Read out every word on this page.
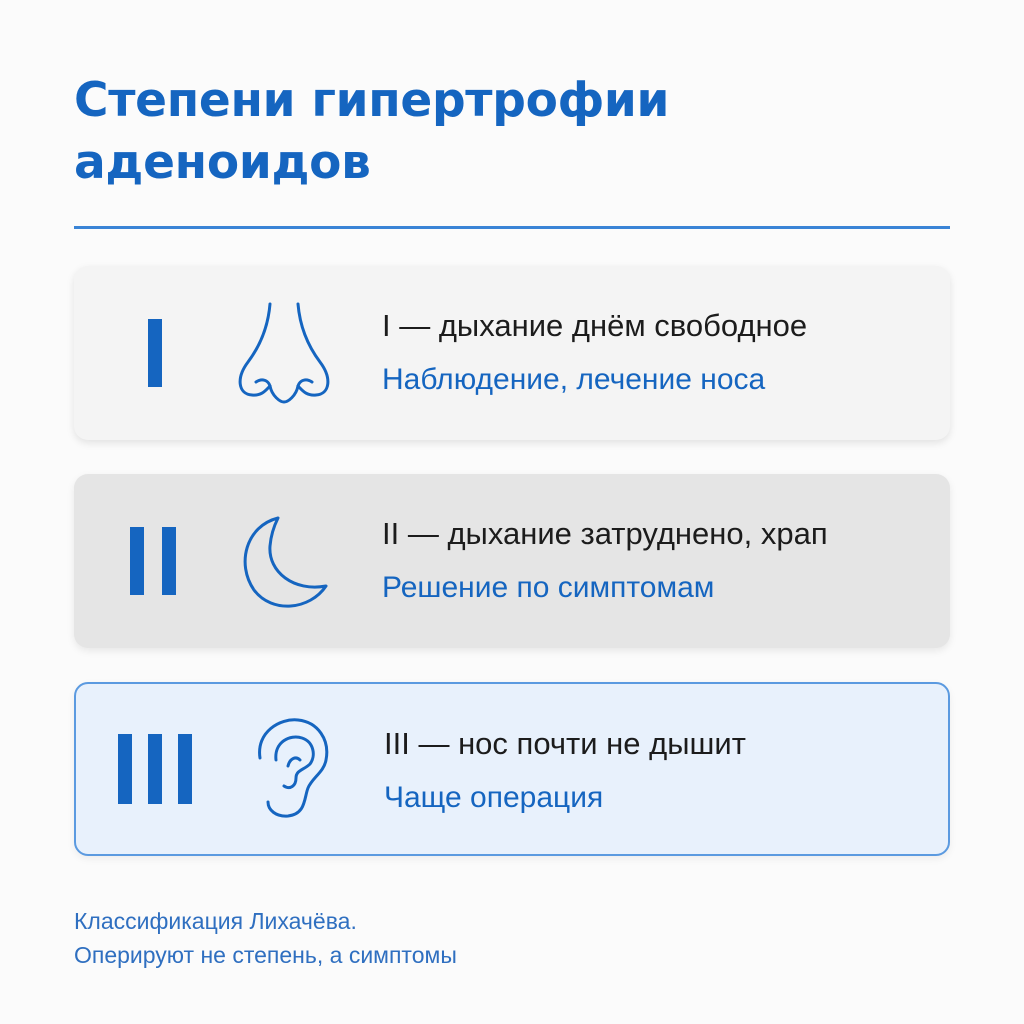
Степени гипертрофии
аденоидов
I — дыхание днём свободное
Наблюдение, лечение носа
II — дыхание затруднено, храп
Решение по симптомам
III — нос почти не дышит
Чаще операция
Классификация Лихачёва.
Оперируют не степень, а симптомы
